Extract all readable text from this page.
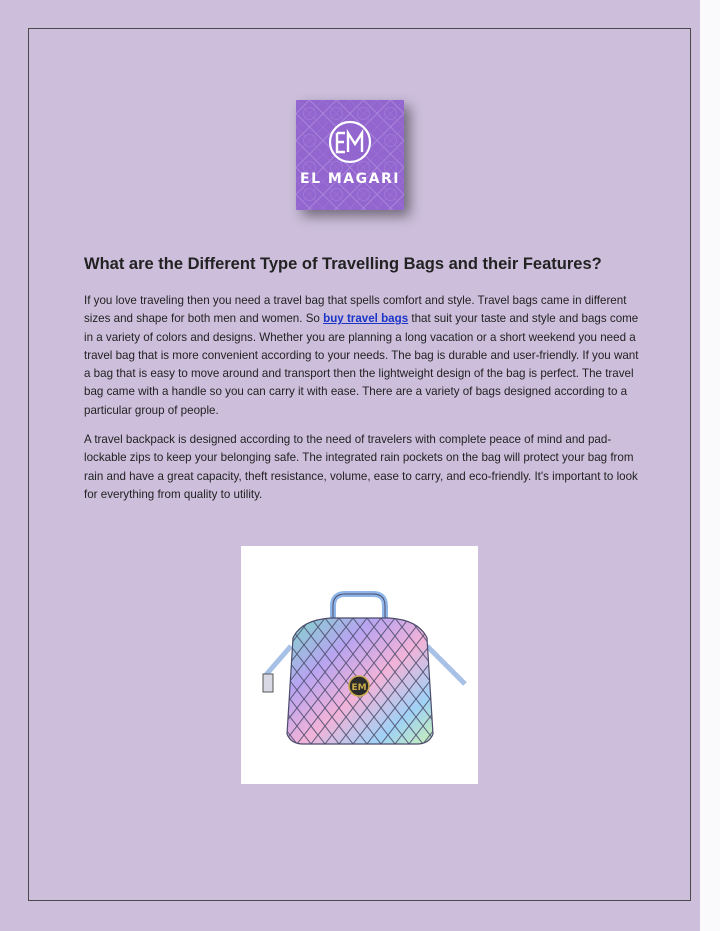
EL MAGARI
What are the Different Type of Travelling Bags and their Features?

If you love traveling then you need a travel bag that spells comfort and style. Travel bags came in different sizes and shape for both men and women. So buy travel bags that suit your taste and style and bags come in a variety of colors and designs. Whether you are planning a long vacation or a short weekend you need a travel bag that is more convenient according to your needs. The bag is durable and user-friendly. If you want a bag that is easy to move around and transport then the lightweight design of the bag is perfect. The travel bag came with a handle so you can carry it with ease. There are a variety of bags designed according to a particular group of people.

A travel backpack is designed according to the need of travelers with complete peace of mind and pad-lockable zips to keep your belonging safe. The integrated rain pockets on the bag will protect your bag from rain and have a great capacity, theft resistance, volume, ease to carry, and eco-friendly. It's important to look for everything from quality to utility.

EM
